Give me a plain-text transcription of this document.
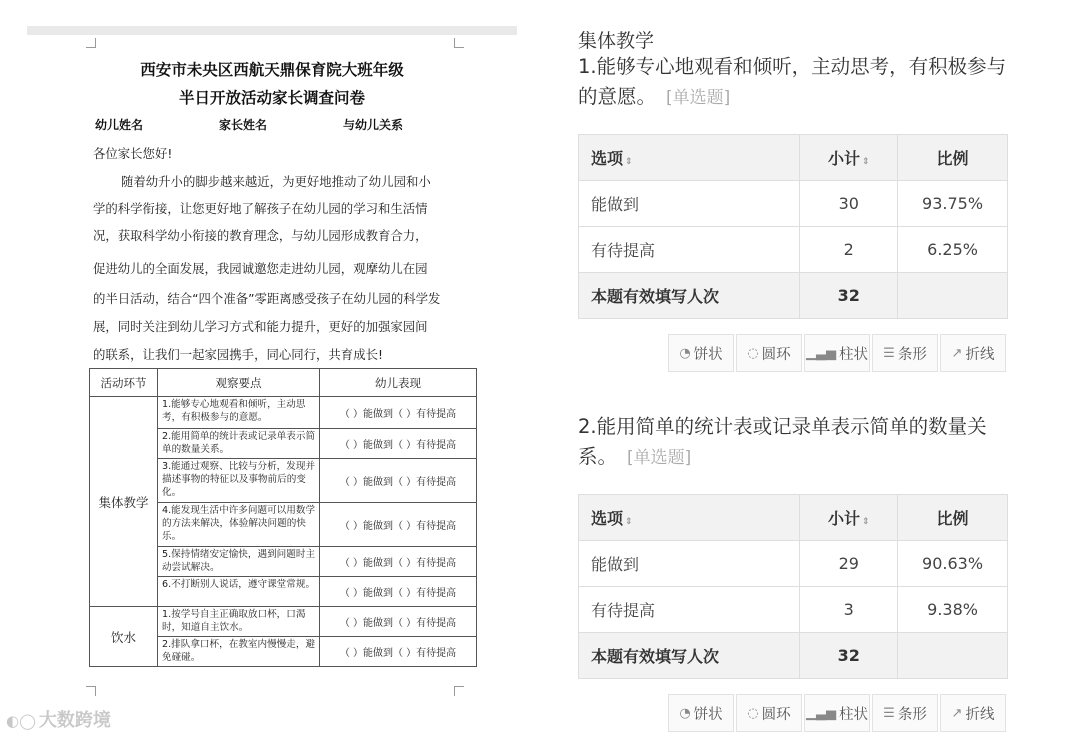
西安市未央区西航天鼎保育院大班年级
半日开放活动家长调查问卷
幼儿姓名	家长姓名	与幼儿关系
各位家长您好!
随着幼升小的脚步越来越近，为更好地推动了幼儿园和小
学的科学衔接，让您更好地了解孩子在幼儿园的学习和生活情
况，获取科学幼小衔接的教育理念，与幼儿园形成教育合力，
促进幼儿的全面发展，我园诚邀您走进幼儿园，观摩幼儿在园
的半日活动，结合“四个准备”零距离感受孩子在幼儿园的科学发
展，同时关注到幼儿学习方式和能力提升，更好的加强家园间
的联系，让我们一起家园携手，同心同行，共育成长!
活动环节	观察要点	幼儿表现
集体教学	1.能够专心地观看和倾听，主动思考，有积极参与的意愿。	（ ）能做到（ ）有待提高
	2.能用简单的统计表或记录单表示简单的数量关系。	（ ）能做到（ ）有待提高
	3.能通过观察、比较与分析，发现并描述事物的特征以及事物前后的变化。	（ ）能做到（ ）有待提高
	4.能发现生活中许多问题可以用数学的方法来解决，体验解决问题的快乐。	（ ）能做到（ ）有待提高
	5.保持情绪安定愉快，遇到问题时主动尝试解决。	（ ）能做到（ ）有待提高
	6.不打断别人说话，遵守课堂常规。	（ ）能做到（ ）有待提高
饮水	1.按学号自主正确取放口杯，口渴时，知道自主饮水。	（ ）能做到（ ）有待提高
	2.排队拿口杯，在教室内慢慢走，避免碰碰。	（ ）能做到（ ）有待提高
◐◯ 大数跨境
集体教学
1.能够专心地观看和倾听，主动思考，有积极参与的意愿。 [单选题]
选项 ⇕	小计 ⇕	比例
能做到	30	93.75%
有待提高	2	6.25%
本题有效填写人次	32	
◔ 饼状 ◌ 圆环 ▁▃▅ 柱状 ☰ 条形 ↗ 折线
2.能用简单的统计表或记录单表示简单的数量关系。 [单选题]
选项 ⇕	小计 ⇕	比例
能做到	29	90.63%
有待提高	3	9.38%
本题有效填写人次	32	
◔ 饼状 ◌ 圆环 ▁▃▅ 柱状 ☰ 条形 ↗ 折线
